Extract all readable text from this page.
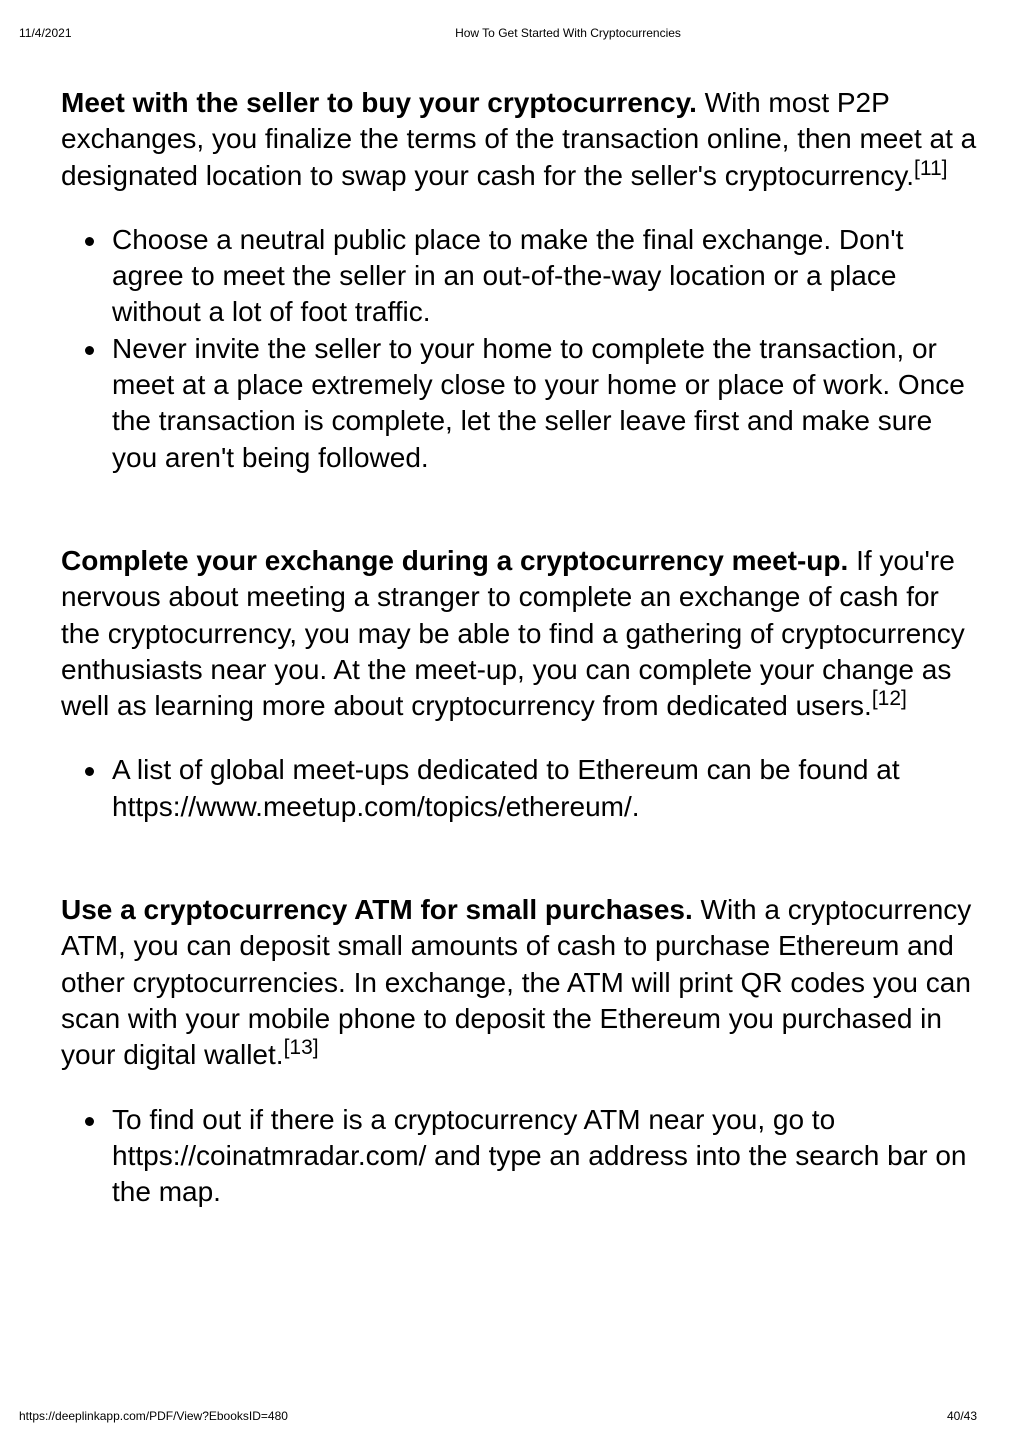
11/4/2021	How To Get Started With Cryptocurrencies

Meet with the seller to buy your cryptocurrency. With most P2P exchanges, you finalize the terms of the transaction online, then meet at a designated location to swap your cash for the seller's cryptocurrency.[11]

Choose a neutral public place to make the final exchange. Don't agree to meet the seller in an out-of-the-way location or a place without a lot of foot traffic.
Never invite the seller to your home to complete the transaction, or meet at a place extremely close to your home or place of work. Once the transaction is complete, let the seller leave first and make sure you aren't being followed.

Complete your exchange during a cryptocurrency meet-up. If you're nervous about meeting a stranger to complete an exchange of cash for the cryptocurrency, you may be able to find a gathering of cryptocurrency enthusiasts near you. At the meet-up, you can complete your change as well as learning more about cryptocurrency from dedicated users.[12]

A list of global meet-ups dedicated to Ethereum can be found at https://www.meetup.com/topics/ethereum/.

Use a cryptocurrency ATM for small purchases. With a cryptocurrency ATM, you can deposit small amounts of cash to purchase Ethereum and other cryptocurrencies. In exchange, the ATM will print QR codes you can scan with your mobile phone to deposit the Ethereum you purchased in your digital wallet.[13]

To find out if there is a cryptocurrency ATM near you, go to https://coinatmradar.com/ and type an address into the search bar on the map.
https://deeplinkapp.com/PDF/View?EbooksID=480	40/43
